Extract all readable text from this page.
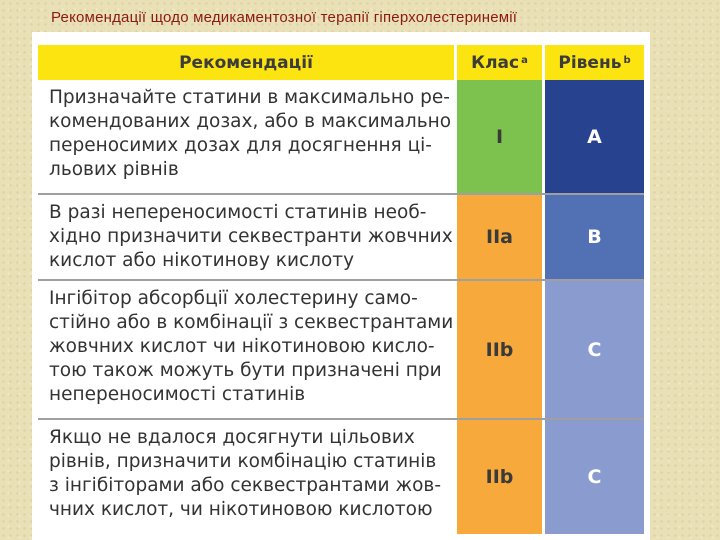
Рекомендації щодо медикаментозної терапії гіперхолестеринемії
Рекомендації	Клас$^a$ Рівень$^b$
Призначайте статини в максимально ре-
комендованих дозах, або в максимально
переносимих дозах для досягнення ці-
льових рівнів
I	A
В разі непереносимості статинів необ-
хідно призначити секвестранти жовчних
кислот або нікотинову кислоту
IIa	B
Інгібітор абсорбції холестерину само-
стійно або в комбінації з секвестрантами
жовчних кислот чи нікотиновою кисло-
тою також можуть бути призначені при
непереносимості статинів
IIb	C
Якщо не вдалося досягнути цільових
рівнів, призначити комбінацію статинів
з інгібіторами або секвестрантами жов-
чних кислот, чи нікотиновою кислотою
IIb	C
